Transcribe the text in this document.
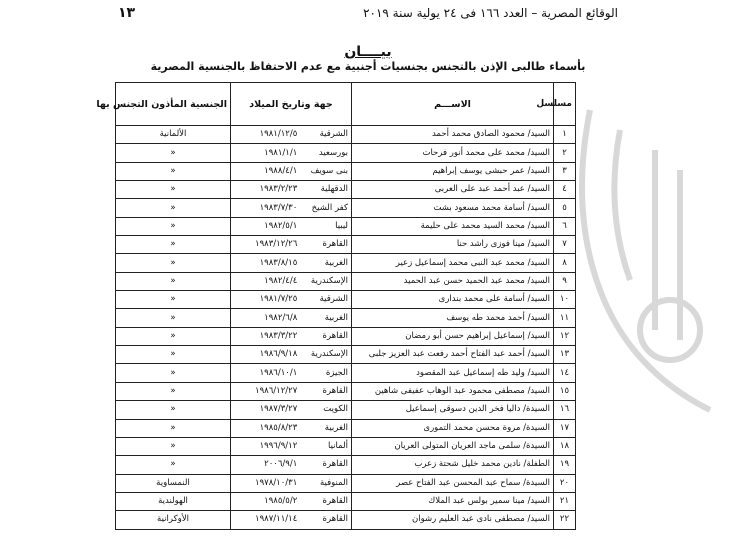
الوقائع المصرية – العدد ١٦٦ فى ٢٤ يولية سنة ٢٠١٩
١٣
بيــــان
بأسماء طالبى الإذن بالتجنس بجنسيات أجنبية مع عدم الاحتفاظ بالجنسية المصرية
مسلسل	الاســـم	جهة وتاريخ الميلاد	الجنسية المأذون التجنس بها
١	السيد/ محمود الصادق محمد أحمد	الشرقية ١٩٨١/١٢/٥	الألمانية
٢	السيد/ محمد على محمد أنور فرحات	بورسعيد ١٩٨١/١/١	«
٣	السيد/ عمر حبشى يوسف إبراهيم	بنى سويف ١٩٨٨/٤/١	«
٤	السيد/ عبد أحمد عبد على العربى	الدقهلية ١٩٨٣/٢/٢٣	«
٥	السيد/ أسامة محمد مسعود بشت	كفر الشيخ ١٩٨٣/٧/٣٠	«
٦	السيد/ محمد السيد محمد على حليمة	ليبيا ١٩٨٢/٥/١	«
٧	السيد/ مينا فوزى راشد حنا	القاهرة ١٩٨٣/١٢/٢٦	«
٨	السيد/ محمد عبد النبى محمد إسماعيل زعير	الغربية ١٩٨٣/٨/١٥	«
٩	السيد/ محمد عبد الحميد حسن عبد الحميد	الإسكندرية ١٩٨٢/٤/٤	«
١٠	السيد/ أسامة على محمد بندارى	الشرقية ١٩٨١/٧/٢٥	«
١١	السيد/ أحمد محمد طه يوسف	الغربية ١٩٨٢/٦/٨	«
١٢	السيد/ إسماعيل إبراهيم حسن أبو رمضان	القاهرة ١٩٨٣/٣/٢٢	«
١٣	السيد/ أحمد عبد الفتاح أحمد رفعت عبد العزيز جلبى	الإسكندرية ١٩٨٦/٩/١٨	«
١٤	السيد/ وليد طه إسماعيل عبد المقصود	الجيزة ١٩٨٦/١٠/١	«
١٥	السيد/ مصطفى محمود عبد الوهاب عفيفى شاهين	القاهرة ١٩٨٦/١٢/٢٧	«
١٦	السيدة/ داليا فخر الدين دسوقى إسماعيل	الكويت ١٩٨٧/٣/٢٧	«
١٧	السيدة/ مروة محسن محمد التمورى	الغربية ١٩٨٥/٨/٢٣	«
١٨	السيدة/ سلمى ماجد العريان المتولى العريان	ألمانيا ١٩٩٦/٩/١٢	«
١٩	الطفلة/ نادين محمد خليل شحتة زعرب	القاهرة ٢٠٠٦/٩/١	«
٢٠	السيدة/ سماح عبد المحسن عبد الفتاح عصر	المنوفية ١٩٧٨/١٠/٣١	النمساوية
٢١	السيد/ مينا سمير بولس عبد الملاك	القاهرة ١٩٨٥/٥/٢	الهولندية
٢٢	السيد/ مصطفى نادى عبد العليم رشوان	القاهرة ١٩٨٧/١١/١٤	الأوكرانية
